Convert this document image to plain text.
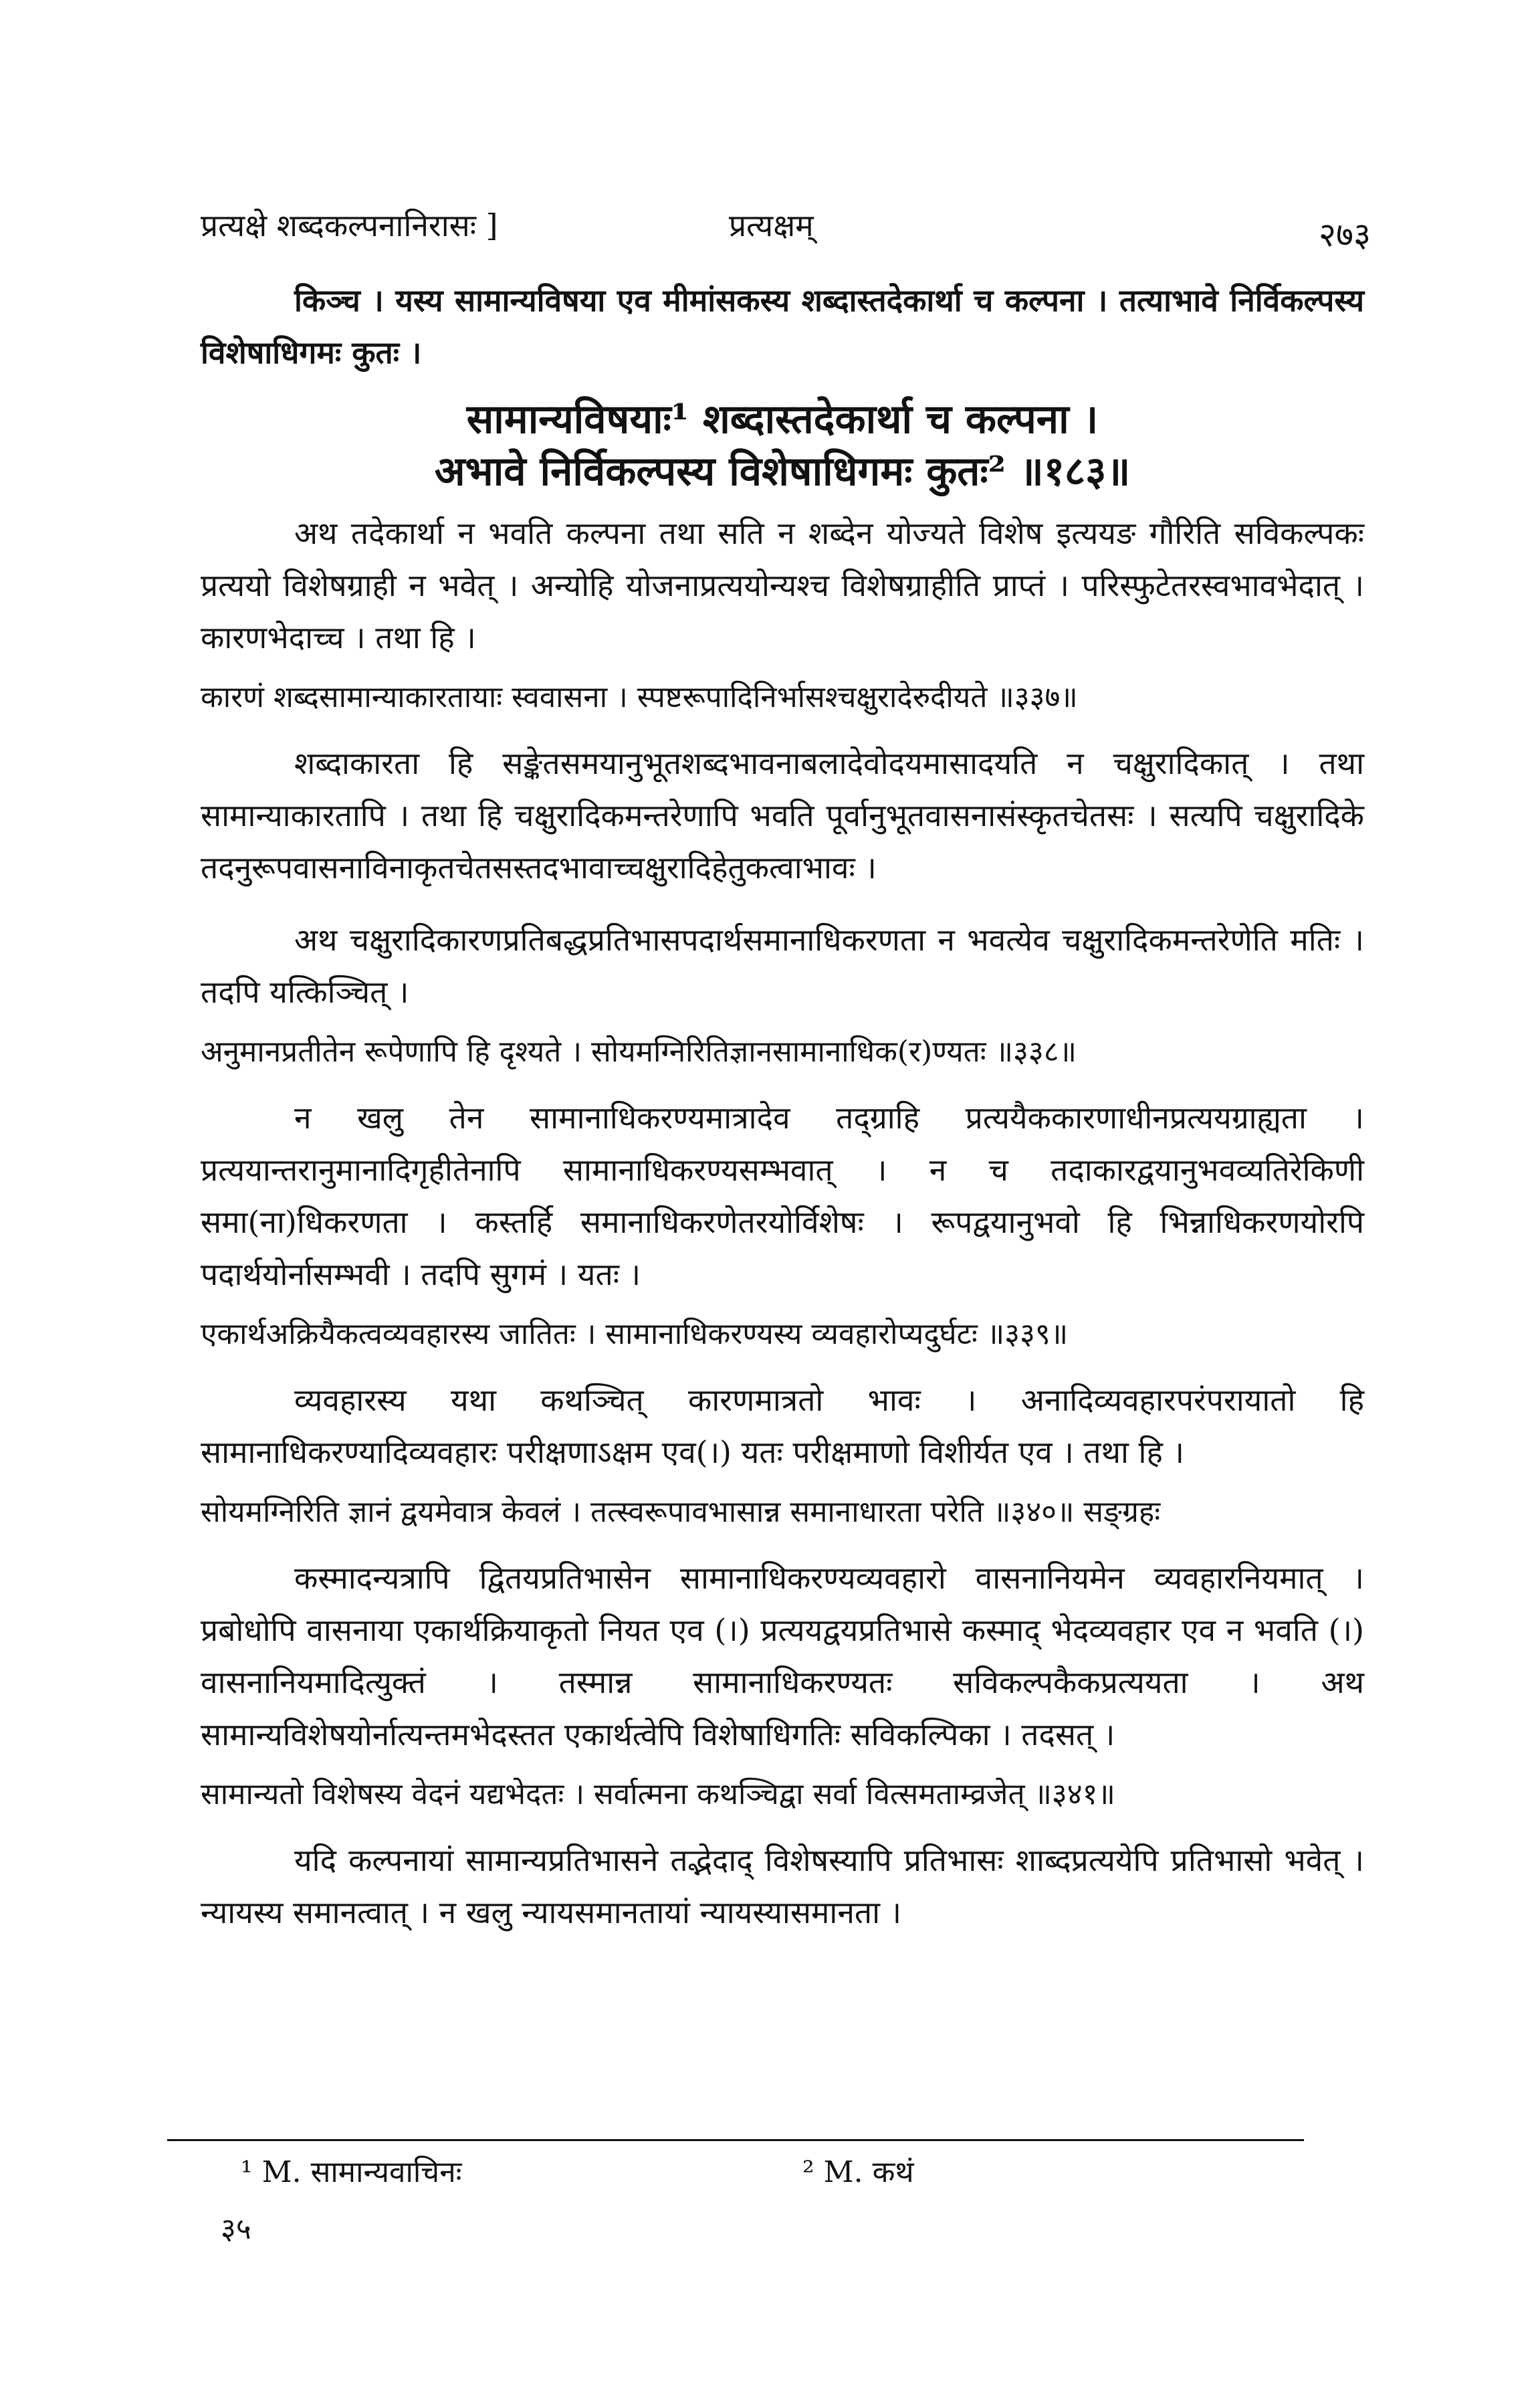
प्रत्यक्षे शब्दकल्पनानिरासः ]	प्रत्यक्षम्	२७३

किञ्च । यस्य सामान्यविषया एव मीमांसकस्य शब्दास्तदेकार्था च कल्पना । तत्याभावे निर्विकल्पस्य विशेषाधिगमः कुतः ।

सामान्यविषयाः¹ शब्दास्तदेकार्था च कल्पना ।
अभावे निर्विकल्पस्य विशेषाधिगमः कुतः² ॥१८३॥

अथ तदेकार्था न भवति कल्पना तथा सति न शब्देन योज्यते विशेष इत्ययङ गौरिति सविकल्पकः प्रत्ययो विशेषग्राही न भवेत् । अन्योहि योजनाप्रत्ययोन्यश्च विशेषग्राहीति प्राप्तं । परिस्फुटेतरस्वभावभेदात् । कारणभेदाच्च । तथा हि ।

कारणं शब्दसामान्याकारतायाः स्ववासना । स्पष्टरूपादिनिर्भासश्चक्षुरादेरुदीयते ॥३३७॥

शब्दाकारता हि सङ्केतसमयानुभूतशब्दभावनाबलादेवोदयमासादयति न चक्षुरादिकात् । तथा सामान्याकारतापि । तथा हि चक्षुरादिकमन्तरेणापि भवति पूर्वानुभूतवासनासंस्कृतचेतसः । सत्यपि चक्षुरादिके तदनुरूपवासनाविनाकृतचेतसस्तदभावाच्चक्षुरादिहेतुकत्वाभावः ।

अथ चक्षुरादिकारणप्रतिबद्धप्रतिभासपदार्थसमानाधिकरणता न भवत्येव चक्षुरादिकमन्तरेणेति मतिः । तदपि यत्किञ्चित् ।

अनुमानप्रतीतेन रूपेणापि हि दृश्यते । सोयमग्निरितिज्ञानसामानाधिक(र)ण्यतः ॥३३८॥

न खलु तेन सामानाधिकरण्यमात्रादेव तद्ग्राहि प्रत्ययैककारणाधीनप्रत्ययग्राह्यता । प्रत्ययान्तरानुमानादिगृहीतेनापि सामानाधिकरण्यसम्भवात् । न च तदाकारद्वयानुभवव्यतिरेकिणी समा(ना)धिकरणता । कस्तर्हि समानाधिकरणेतरयोर्विशेषः । रूपद्वयानुभवो हि भिन्नाधिकरणयोरपि पदार्थयोर्नासम्भवी । तदपि सुगमं । यतः ।

एकार्थअक्रियैकत्वव्यवहारस्य जातितः । सामानाधिकरण्यस्य व्यवहारोप्यदुर्घटः ॥३३९॥

व्यवहारस्य यथा कथञ्चित् कारणमात्रतो भावः । अनादिव्यवहारपरंपरायातो हि सामानाधिकरण्यादिव्यवहारः परीक्षणाऽक्षम एव(।) यतः परीक्षमाणो विशीर्यत एव । तथा हि ।

सोयमग्निरिति ज्ञानं द्वयमेवात्र केवलं । तत्स्वरूपावभासान्न समानाधारता परेति ॥३४०॥ सङ्ग्रहः

कस्मादन्यत्रापि द्वितयप्रतिभासेन सामानाधिकरण्यव्यवहारो वासनानियमेन व्यवहारनियमात् । प्रबोधोपि वासनाया एकार्थक्रियाकृतो नियत एव (।) प्रत्ययद्वयप्रतिभासे कस्माद् भेदव्यवहार एव न भवति (।) वासनानियमादित्युक्तं । तस्मान्न सामानाधिकरण्यतः सविकल्पकैकप्रत्ययता । अथ सामान्यविशेषयोर्नात्यन्तमभेदस्तत एकार्थत्वेपि विशेषाधिगतिः सविकल्पिका । तदसत् ।

सामान्यतो विशेषस्य वेदनं यद्यभेदतः । सर्वात्मना कथञ्चिद्वा सर्वा वित्समताम्व्रजेत् ॥३४१॥

यदि कल्पनायां सामान्यप्रतिभासने तद्भेदाद् विशेषस्यापि प्रतिभासः शाब्दप्रत्ययेपि प्रतिभासो भवेत् । न्यायस्य समानत्वात् । न खलु न्यायसमानतायां न्यायस्यासमानता ।

¹ M. सामान्यवाचिनः	² M. कथं
३५
